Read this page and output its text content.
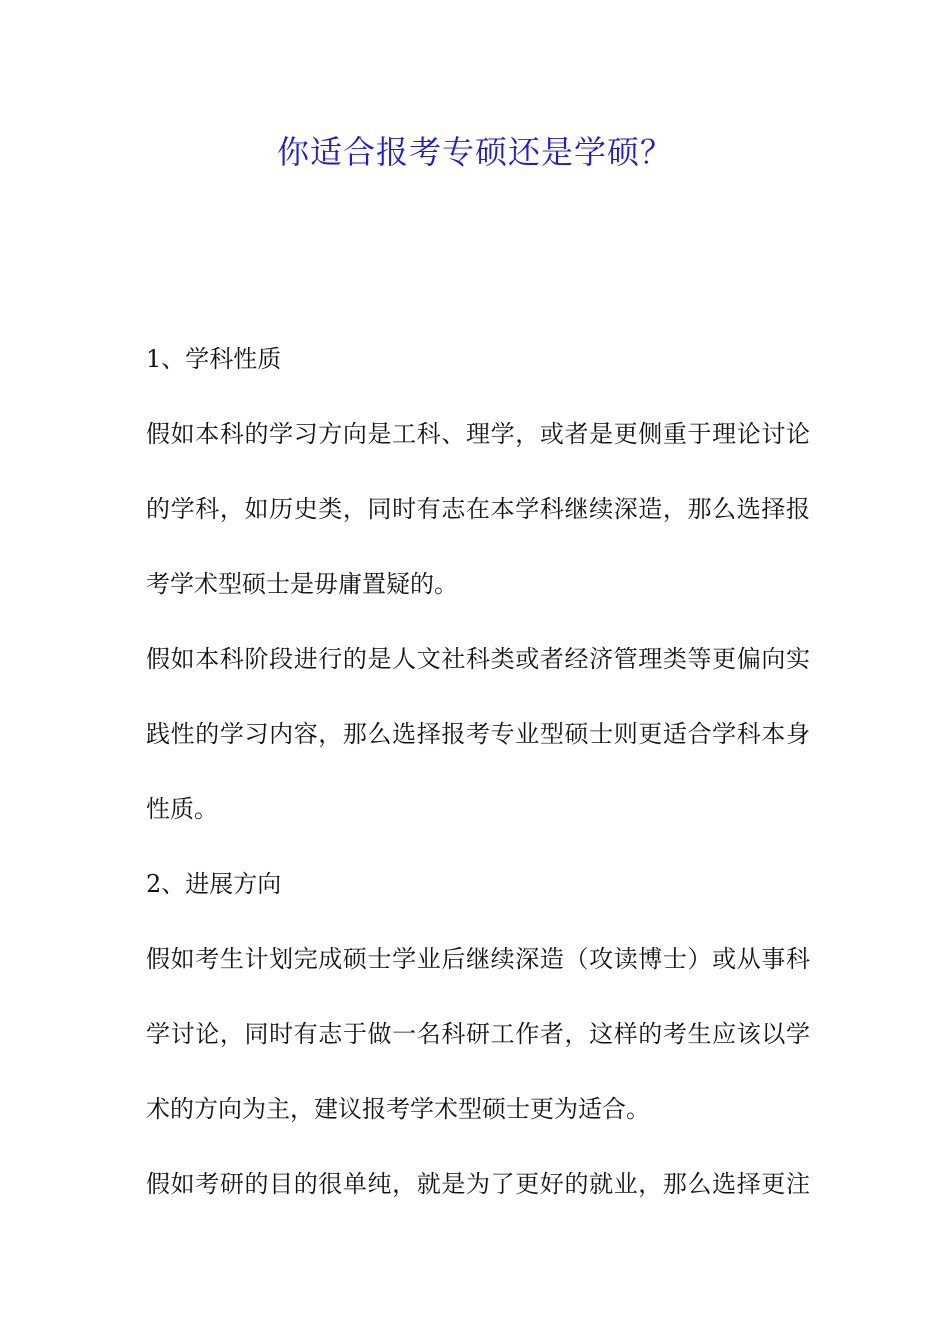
你适合报考专硕还是学硕？
1、学科性质
假如本科的学习方向是工科、理学，或者是更侧重于理论讨论
的学科，如历史类，同时有志在本学科继续深造，那么选择报
考学术型硕士是毋庸置疑的。
假如本科阶段进行的是人文社科类或者经济管理类等更偏向实
践性的学习内容，那么选择报考专业型硕士则更适合学科本身
性质。
2、进展方向
假如考生计划完成硕士学业后继续深造（攻读博士）或从事科
学讨论，同时有志于做一名科研工作者，这样的考生应该以学
术的方向为主，建议报考学术型硕士更为适合。
假如考研的目的很单纯，就是为了更好的就业，那么选择更注
